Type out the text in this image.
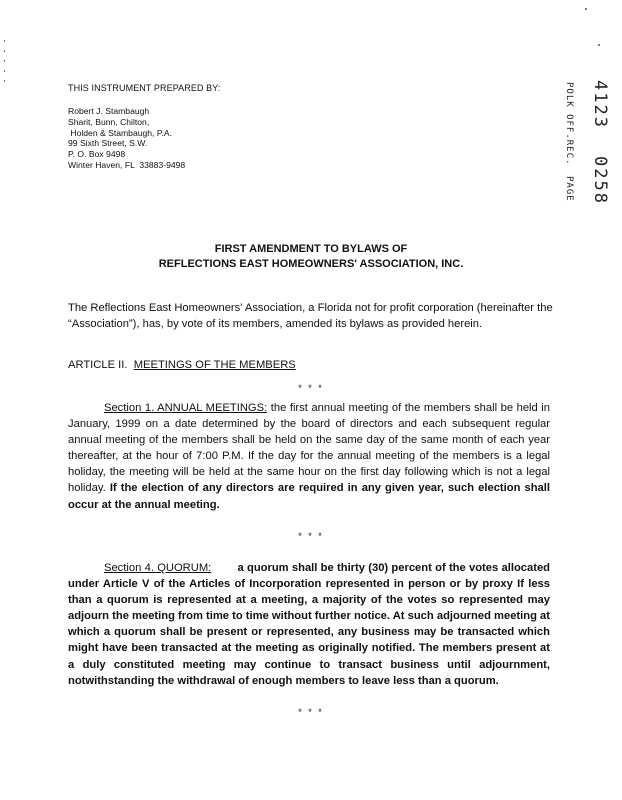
THIS INSTRUMENT PREPARED BY:
Robert J. Stambaugh
Sharit, Bunn, Chilton,
Holden & Stambaugh, P.A.
99 Sixth Street, S.W.
P. O. Box 9498
Winter Haven, FL  33883-9498	POLK OFF.REC.
PAGE
4123
0258
FIRST AMENDMENT TO BYLAWS OF
REFLECTIONS EAST HOMEOWNERS' ASSOCIATION, INC.
The Reflections East Homeowners' Association, a Florida not for profit corporation (hereinafter the “Association”), has, by vote of its members, amended its bylaws as provided herein.
ARTICLE II. MEETINGS OF THE MEMBERS
* * *
Section 1. ANNUAL MEETINGS: the first annual meeting of the members shall be held in January, 1999 on a date determined by the board of directors and each subsequent regular annual meeting of the members shall be held on the same day of the same month of each year thereafter, at the hour of 7:00 P.M. If the day for the annual meeting of the members is a legal holiday, the meeting will be held at the same hour on the first day following which is not a legal holiday. If the election of any directors are required in any given year, such election shall occur at the annual meeting.
* * *
Section 4. QUORUM: a quorum shall be thirty (30) percent of the votes allocated under Article V of the Articles of Incorporation represented in person or by proxy If less than a quorum is represented at a meeting, a majority of the votes so represented may adjourn the meeting from time to time without further notice. At such adjourned meeting at which a quorum shall be present or represented, any business may be transacted which might have been transacted at the meeting as originally notified. The members present at a duly constituted meeting may continue to transact business until adjournment, notwithstanding the withdrawal of enough members to leave less than a quorum.
* * *
